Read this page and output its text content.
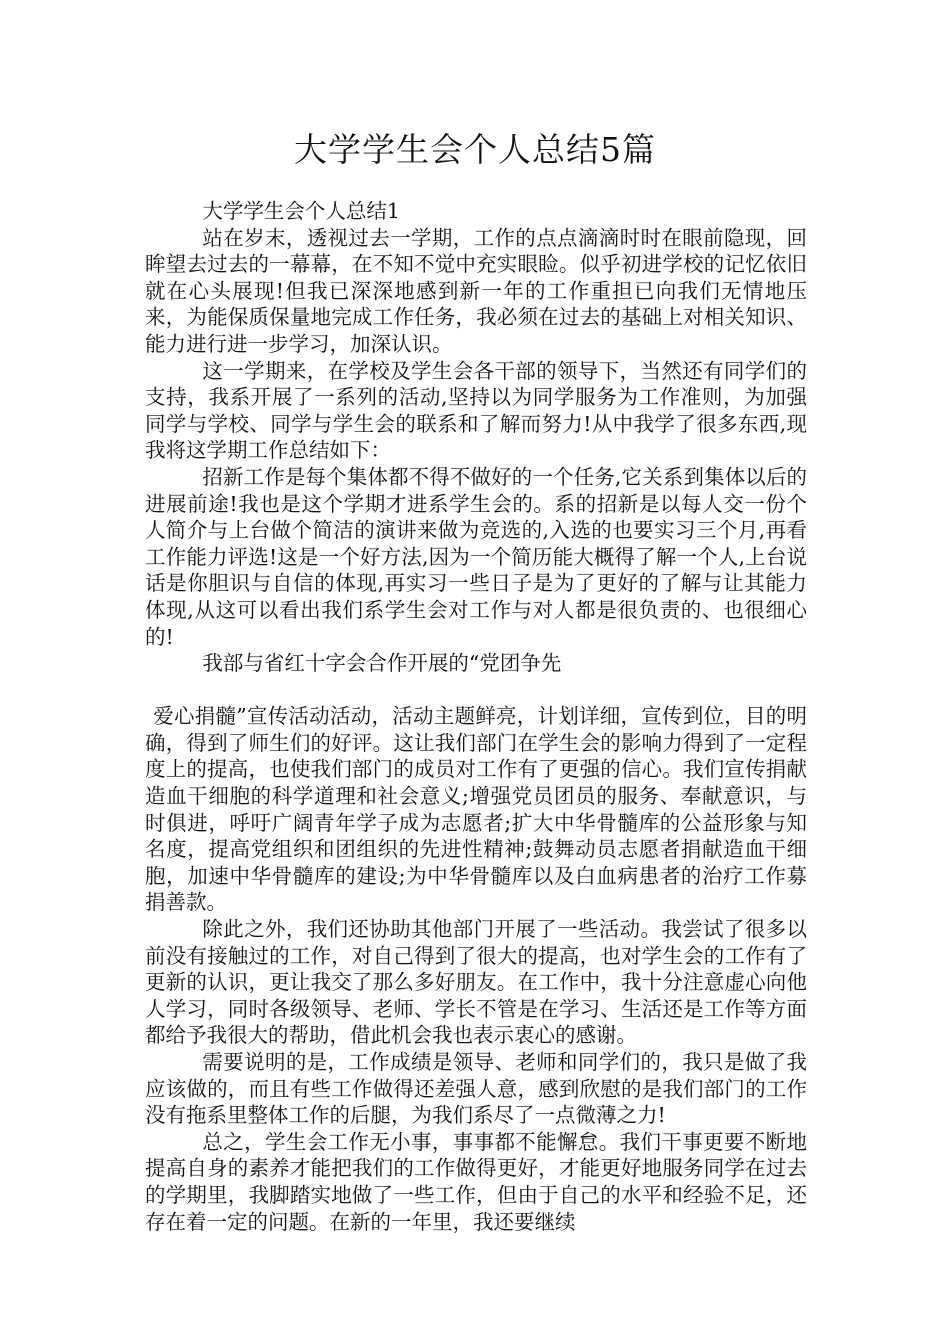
大学学生会个人总结5篇

大学学生会个人总结1

站在岁末，透视过去一学期，工作的点点滴滴时时在眼前隐现，回眸望去过去的一幕幕，在不知不觉中充实眼睑。似乎初进学校的记忆依旧就在心头展现!但我已深深地感到新一年的工作重担已向我们无情地压来，为能保质保量地完成工作任务，我必须在过去的基础上对相关知识、能力进行进一步学习，加深认识。

这一学期来，在学校及学生会各干部的领导下，当然还有同学们的支持，我系开展了一系列的活动,坚持以为同学服务为工作准则，为加强同学与学校、同学与学生会的联系和了解而努力!从中我学了很多东西,现我将这学期工作总结如下：

招新工作是每个集体都不得不做好的一个任务,它关系到集体以后的进展前途!我也是这个学期才进系学生会的。系的招新是以每人交一份个人简介与上台做个简洁的演讲来做为竞选的,入选的也要实习三个月,再看工作能力评选!这是一个好方法,因为一个简历能大概得了解一个人,上台说话是你胆识与自信的体现,再实习一些日子是为了更好的了解与让其能力体现,从这可以看出我们系学生会对工作与对人都是很负责的、也很细心的!

我部与省红十字会合作开展的“党团争先

爱心捐髓”宣传活动活动，活动主题鲜亮，计划详细，宣传到位，目的明确，得到了师生们的好评。这让我们部门在学生会的影响力得到了一定程度上的提高，也使我们部门的成员对工作有了更强的信心。我们宣传捐献造血干细胞的科学道理和社会意义;增强党员团员的服务、奉献意识，与时俱进，呼吁广阔青年学子成为志愿者;扩大中华骨髓库的公益形象与知名度，提高党组织和团组织的先进性精神;鼓舞动员志愿者捐献造血干细胞，加速中华骨髓库的建设;为中华骨髓库以及白血病患者的治疗工作募捐善款。

除此之外，我们还协助其他部门开展了一些活动。我尝试了很多以前没有接触过的工作，对自己得到了很大的提高，也对学生会的工作有了更新的认识，更让我交了那么多好朋友。在工作中，我十分注意虚心向他人学习，同时各级领导、老师、学长不管是在学习、生活还是工作等方面都给予我很大的帮助，借此机会我也表示衷心的感谢。

需要说明的是，工作成绩是领导、老师和同学们的，我只是做了我应该做的，而且有些工作做得还差强人意，感到欣慰的是我们部门的工作没有拖系里整体工作的后腿，为我们系尽了一点微薄之力!

总之，学生会工作无小事，事事都不能懈怠。我们干事更要不断地提高自身的素养才能把我们的工作做得更好，才能更好地服务同学在过去的学期里，我脚踏实地做了一些工作，但由于自己的水平和经验不足，还存在着一定的问题。在新的一年里，我还要继续
